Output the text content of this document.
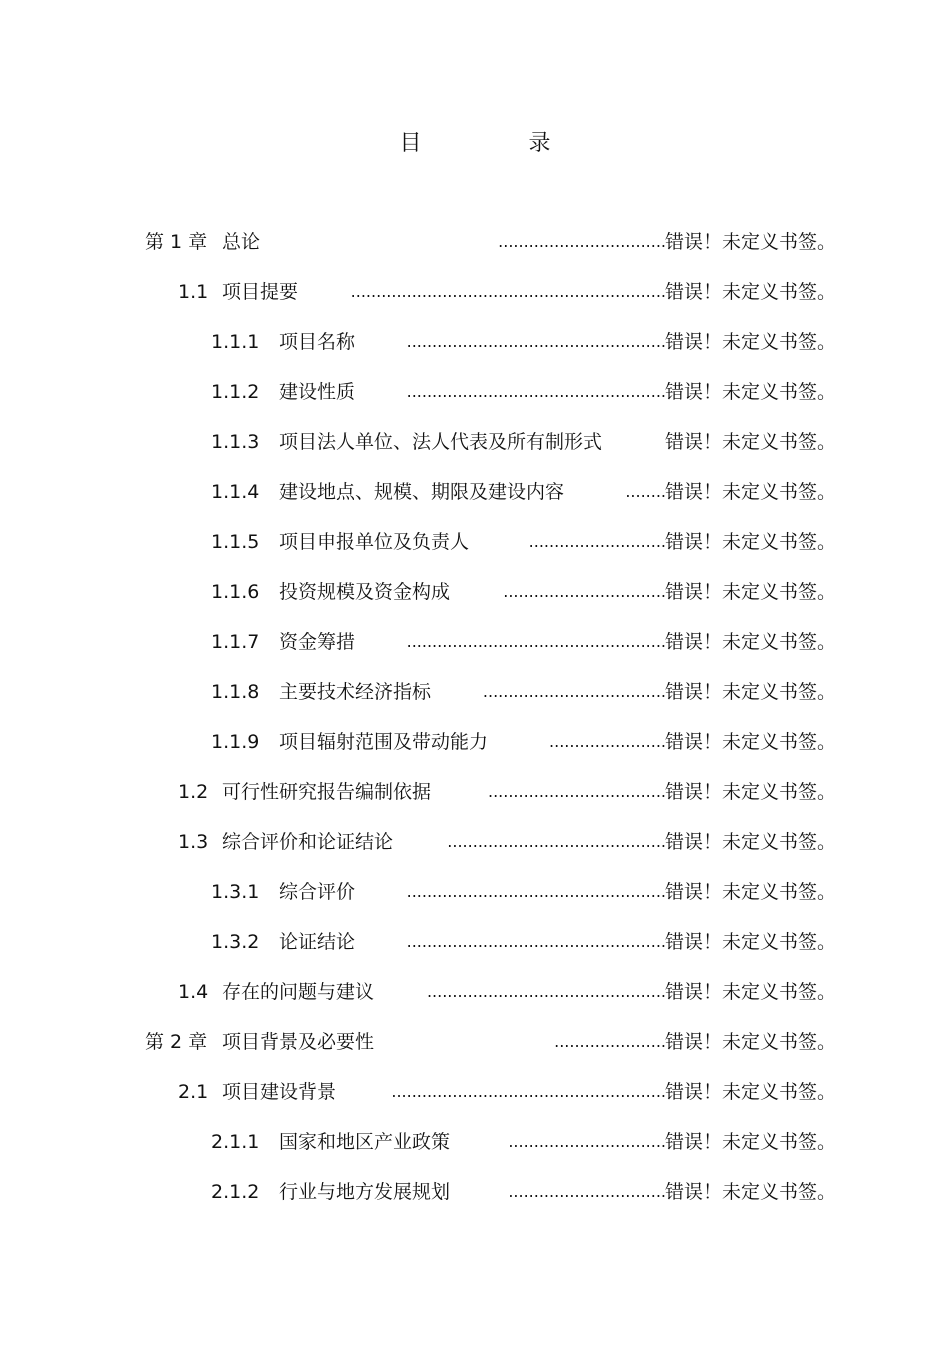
目 录
第 1 章 总论	................................. 错误！未定义书签。
1.1 项目提要	.............................................................. 错误！未定义书签。
1.1.1 项目名称	................................................... 错误！未定义书签。
1.1.2 建设性质	................................................... 错误！未定义书签。
1.1.3 项目法人单位、法人代表及所有制形式	错误！未定义书签。
1.1.4 建设地点、规模、期限及建设内容	........ 错误！未定义书签。
1.1.5 项目申报单位及负责人	........................... 错误！未定义书签。
1.1.6 投资规模及资金构成	................................ 错误！未定义书签。
1.1.7 资金筹措	................................................... 错误！未定义书签。
1.1.8 主要技术经济指标	.................................... 错误！未定义书签。
1.1.9 项目辐射范围及带动能力	....................... 错误！未定义书签。
1.2 可行性研究报告编制依据	................................... 错误！未定义书签。
1.3 综合评价和论证结论	........................................... 错误！未定义书签。
1.3.1 综合评价	................................................... 错误！未定义书签。
1.3.2 论证结论	................................................... 错误！未定义书签。
1.4 存在的问题与建议	............................................... 错误！未定义书签。
第 2 章 项目背景及必要性	...................... 错误！未定义书签。
2.1 项目建设背景	...................................................... 错误！未定义书签。
2.1.1 国家和地区产业政策	............................... 错误！未定义书签。
2.1.2 行业与地方发展规划	............................... 错误！未定义书签。
